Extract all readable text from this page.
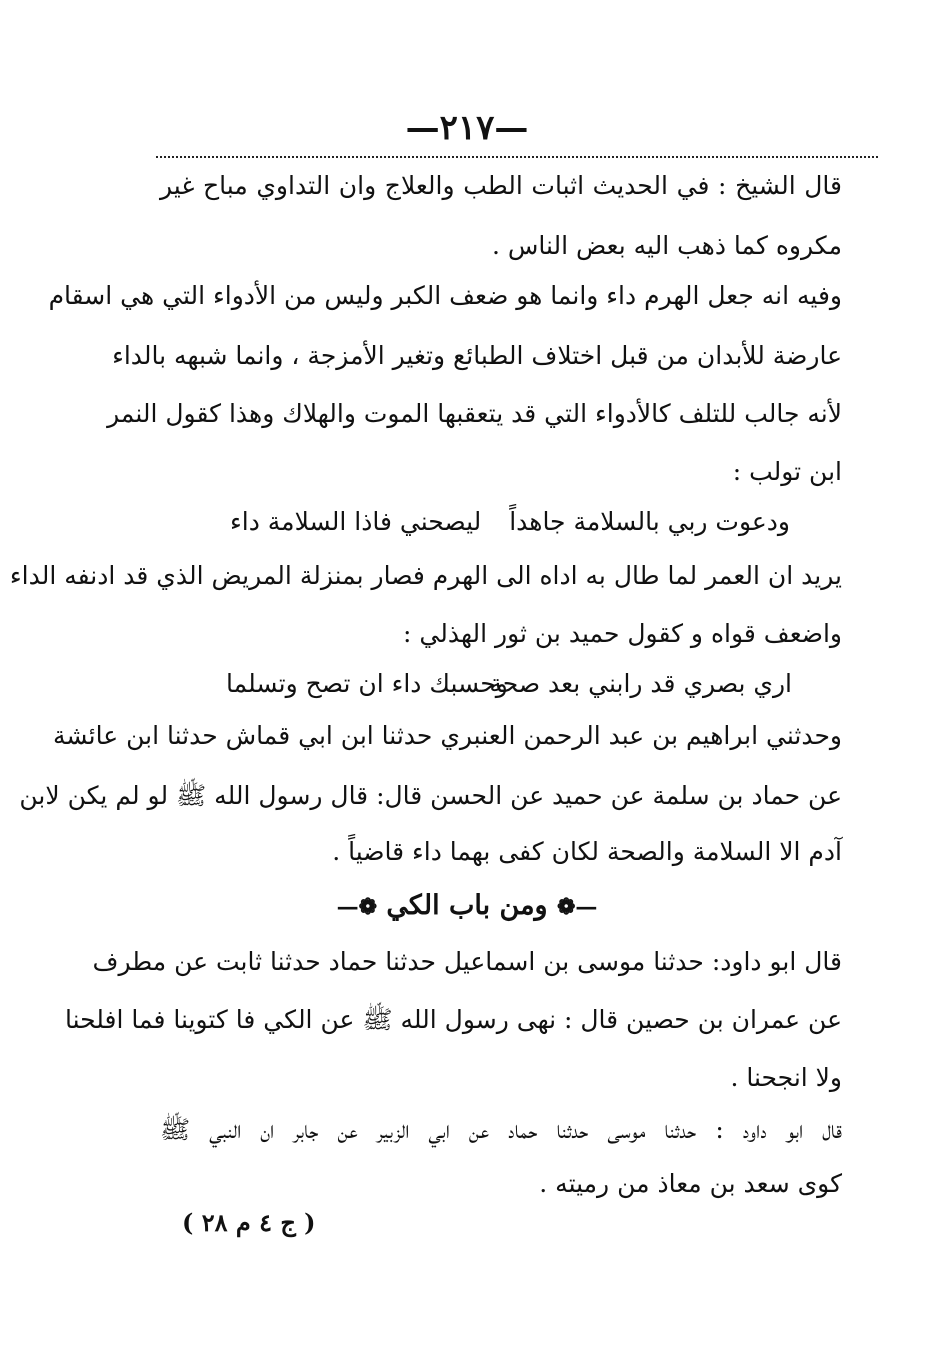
—٢١٧—
قال الشيخ : في الحديث اثبات الطب والعلاج وان التداوي مباح غير
مكروه كما ذهب اليه بعض الناس .
وفيه انه جعل الهرم داء وانما هو ضعف الكبر وليس من الأدواء التي هي اسقام
عارضة للأبدان من قبل اختلاف الطبائع وتغير الأمزجة ، وانما شبهه بالداء
لأنه جالب للتلف كالأدواء التي قد يتعقبها الموت والهلاك وهذا كقول النمر
ابن تولب :
ودعوت ربي بالسلامة جاهداً
ليصحني فاذا السلامة داء
يريد ان العمر لما طال به اداه الى الهرم فصار بمنزلة المريض الذي قد ادنفه الداء
واضعف قواه و كقول حميد بن ثور الهذلي :
اري بصري قد رابني بعد صحة
وحسبك داء ان تصح وتسلما
وحدثني ابراهيم بن عبد الرحمن العنبري حدثنا ابن ابي قماش حدثنا ابن عائشة
عن حماد بن سلمة عن حميد عن الحسن قال: قال رسول الله ﷺ لو لم يكن لابن
آدم الا السلامة والصحة لكان كفى بهما داء قاضياً .
—❁ ومن باب الكي ❁—
قال ابو داود: حدثنا موسى بن اسماعيل حدثنا حماد حدثنا ثابت عن مطرف
عن عمران بن حصين قال : نهى رسول الله ﷺ عن الكي فا كتوينا فما افلحنا
ولا انجحنا .
قال ابو داود : حدثنا موسى حدثنا حماد عن ابي الزبير عن جابر ان النبي ﷺ
كوى سعد بن معاذ من رميته .
( ج ٤ م ٢٨ )
